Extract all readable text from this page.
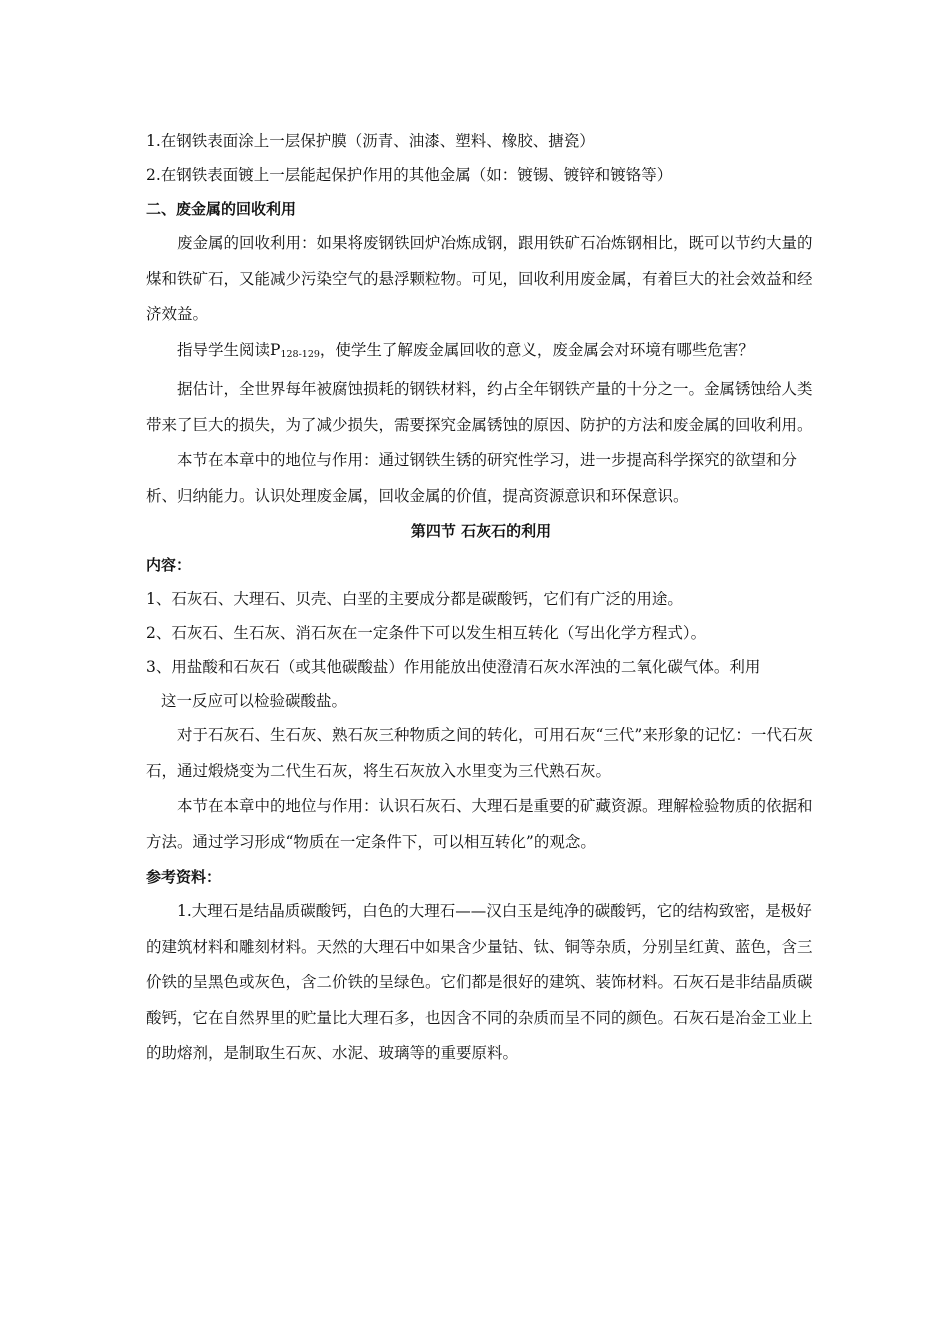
1.在钢铁表面涂上一层保护膜（沥青、油漆、塑料、橡胶、搪瓷）

2.在钢铁表面镀上一层能起保护作用的其他金属（如：镀锡、镀锌和镀铬等）

二、废金属的回收利用

废金属的回收利用：如果将废钢铁回炉冶炼成钢，跟用铁矿石冶炼钢相比，既可以节约大量的煤和铁矿石，又能减少污染空气的悬浮颗粒物。可见，回收利用废金属，有着巨大的社会效益和经济效益。

指导学生阅读$P_{128-129}$，使学生了解废金属回收的意义，废金属会对环境有哪些危害？

据估计，全世界每年被腐蚀损耗的钢铁材料，约占全年钢铁产量的十分之一。金属锈蚀给人类带来了巨大的损失，为了减少损失，需要探究金属锈蚀的原因、防护的方法和废金属的回收利用。

本节在本章中的地位与作用：通过钢铁生锈的研究性学习，进一步提高科学探究的欲望和分析、归纳能力。认识处理废金属，回收金属的价值，提高资源意识和环保意识。

第四节 石灰石的利用

内容：

1、石灰石、大理石、贝壳、白垩的主要成分都是碳酸钙，它们有广泛的用途。

2、石灰石、生石灰、消石灰在一定条件下可以发生相互转化（写出化学方程式）。

3、用盐酸和石灰石（或其他碳酸盐）作用能放出使澄清石灰水浑浊的二氧化碳气体。利用

这一反应可以检验碳酸盐。

对于石灰石、生石灰、熟石灰三种物质之间的转化，可用石灰“三代”来形象的记忆：一代石灰石，通过煅烧变为二代生石灰，将生石灰放入水里变为三代熟石灰。

本节在本章中的地位与作用：认识石灰石、大理石是重要的矿藏资源。理解检验物质的依据和方法。通过学习形成“物质在一定条件下，可以相互转化”的观念。

参考资料：

1.大理石是结晶质碳酸钙，白色的大理石——汉白玉是纯净的碳酸钙，它的结构致密，是极好的建筑材料和雕刻材料。天然的大理石中如果含少量钴、钛、铜等杂质，分别呈红黄、蓝色，含三价铁的呈黑色或灰色，含二价铁的呈绿色。它们都是很好的建筑、装饰材料。石灰石是非结晶质碳酸钙，它在自然界里的贮量比大理石多，也因含不同的杂质而呈不同的颜色。石灰石是冶金工业上的助熔剂，是制取生石灰、水泥、玻璃等的重要原料。
